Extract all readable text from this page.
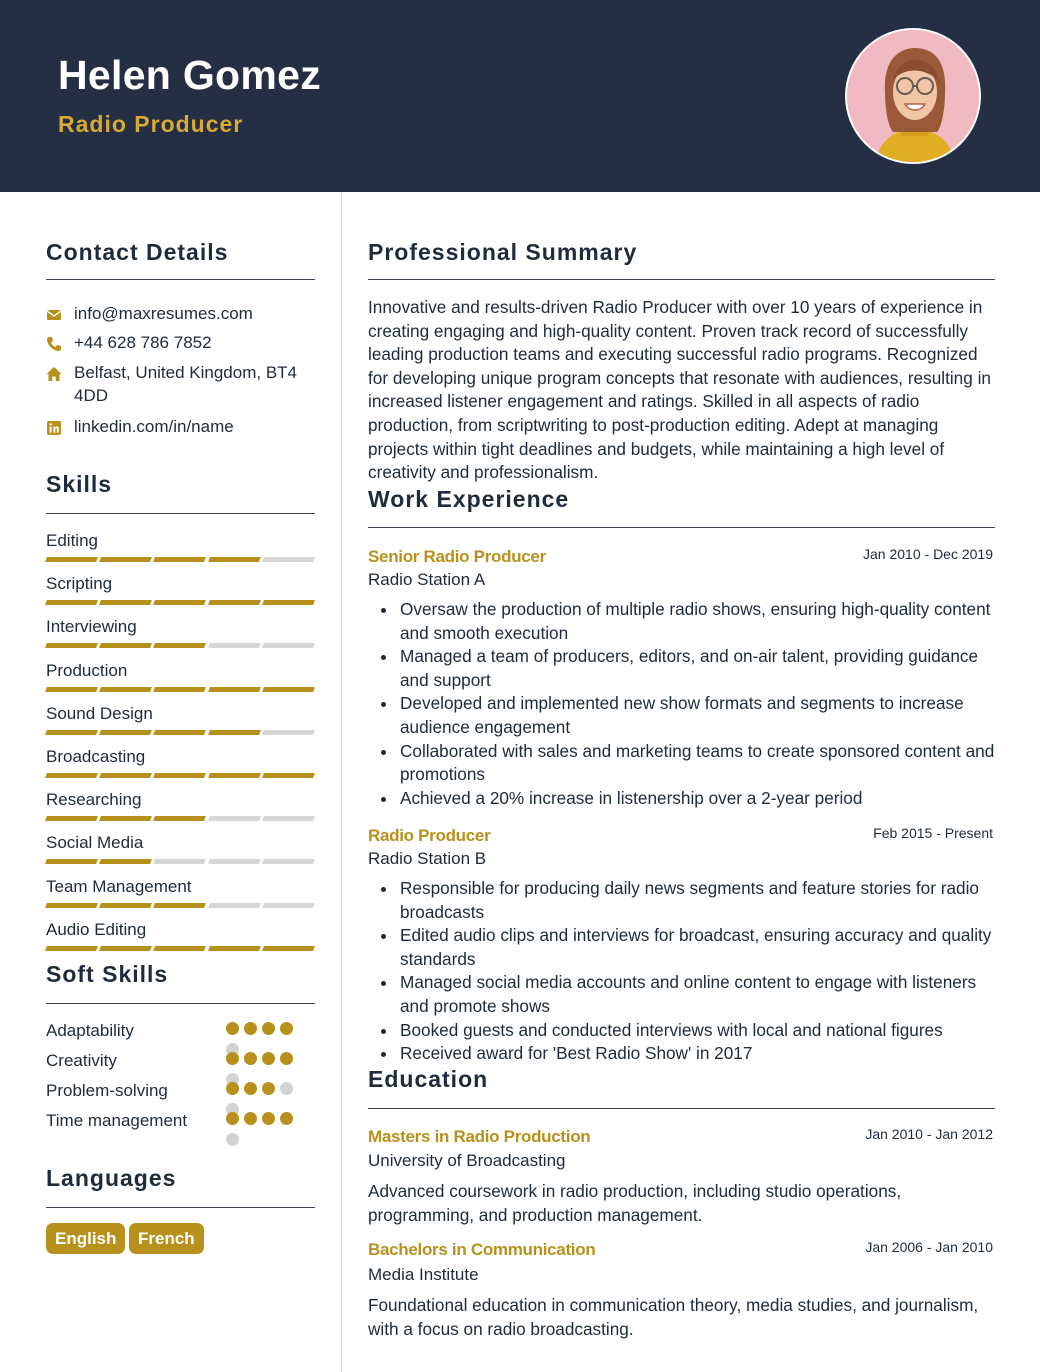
Helen Gomez
Radio Producer
Contact Details
info@maxresumes.com
+44 628 786 7852
Belfast, United Kingdom, BT4 4DD
linkedin.com/in/name
Skills
Editing
Scripting
Interviewing
Production
Sound Design
Broadcasting
Researching
Social Media
Team Management
Audio Editing
Soft Skills
Adaptability
Creativity
Problem-solving
Time management
Languages
English	French
Professional Summary
Innovative and results-driven Radio Producer with over 10 years of experience in creating engaging and high-quality content. Proven track record of successfully leading production teams and executing successful radio programs. Recognized for developing unique program concepts that resonate with audiences, resulting in increased listener engagement and ratings. Skilled in all aspects of radio production, from scriptwriting to post-production editing. Adept at managing projects within tight deadlines and budgets, while maintaining a high level of creativity and professionalism.
Work Experience
Senior Radio Producer	Jan 2010 - Dec 2019
Radio Station A
Oversaw the production of multiple radio shows, ensuring high-quality content and smooth execution
Managed a team of producers, editors, and on-air talent, providing guidance and support
Developed and implemented new show formats and segments to increase audience engagement
Collaborated with sales and marketing teams to create sponsored content and promotions
Achieved a 20% increase in listenership over a 2-year period
Radio Producer	Feb 2015 - Present
Radio Station B
Responsible for producing daily news segments and feature stories for radio broadcasts
Edited audio clips and interviews for broadcast, ensuring accuracy and quality standards
Managed social media accounts and online content to engage with listeners and promote shows
Booked guests and conducted interviews with local and national figures
Received award for 'Best Radio Show' in 2017
Education
Masters in Radio Production	Jan 2010 - Jan 2012
University of Broadcasting
Advanced coursework in radio production, including studio operations, programming, and production management.
Bachelors in Communication	Jan 2006 - Jan 2010
Media Institute
Foundational education in communication theory, media studies, and journalism, with a focus on radio broadcasting.
